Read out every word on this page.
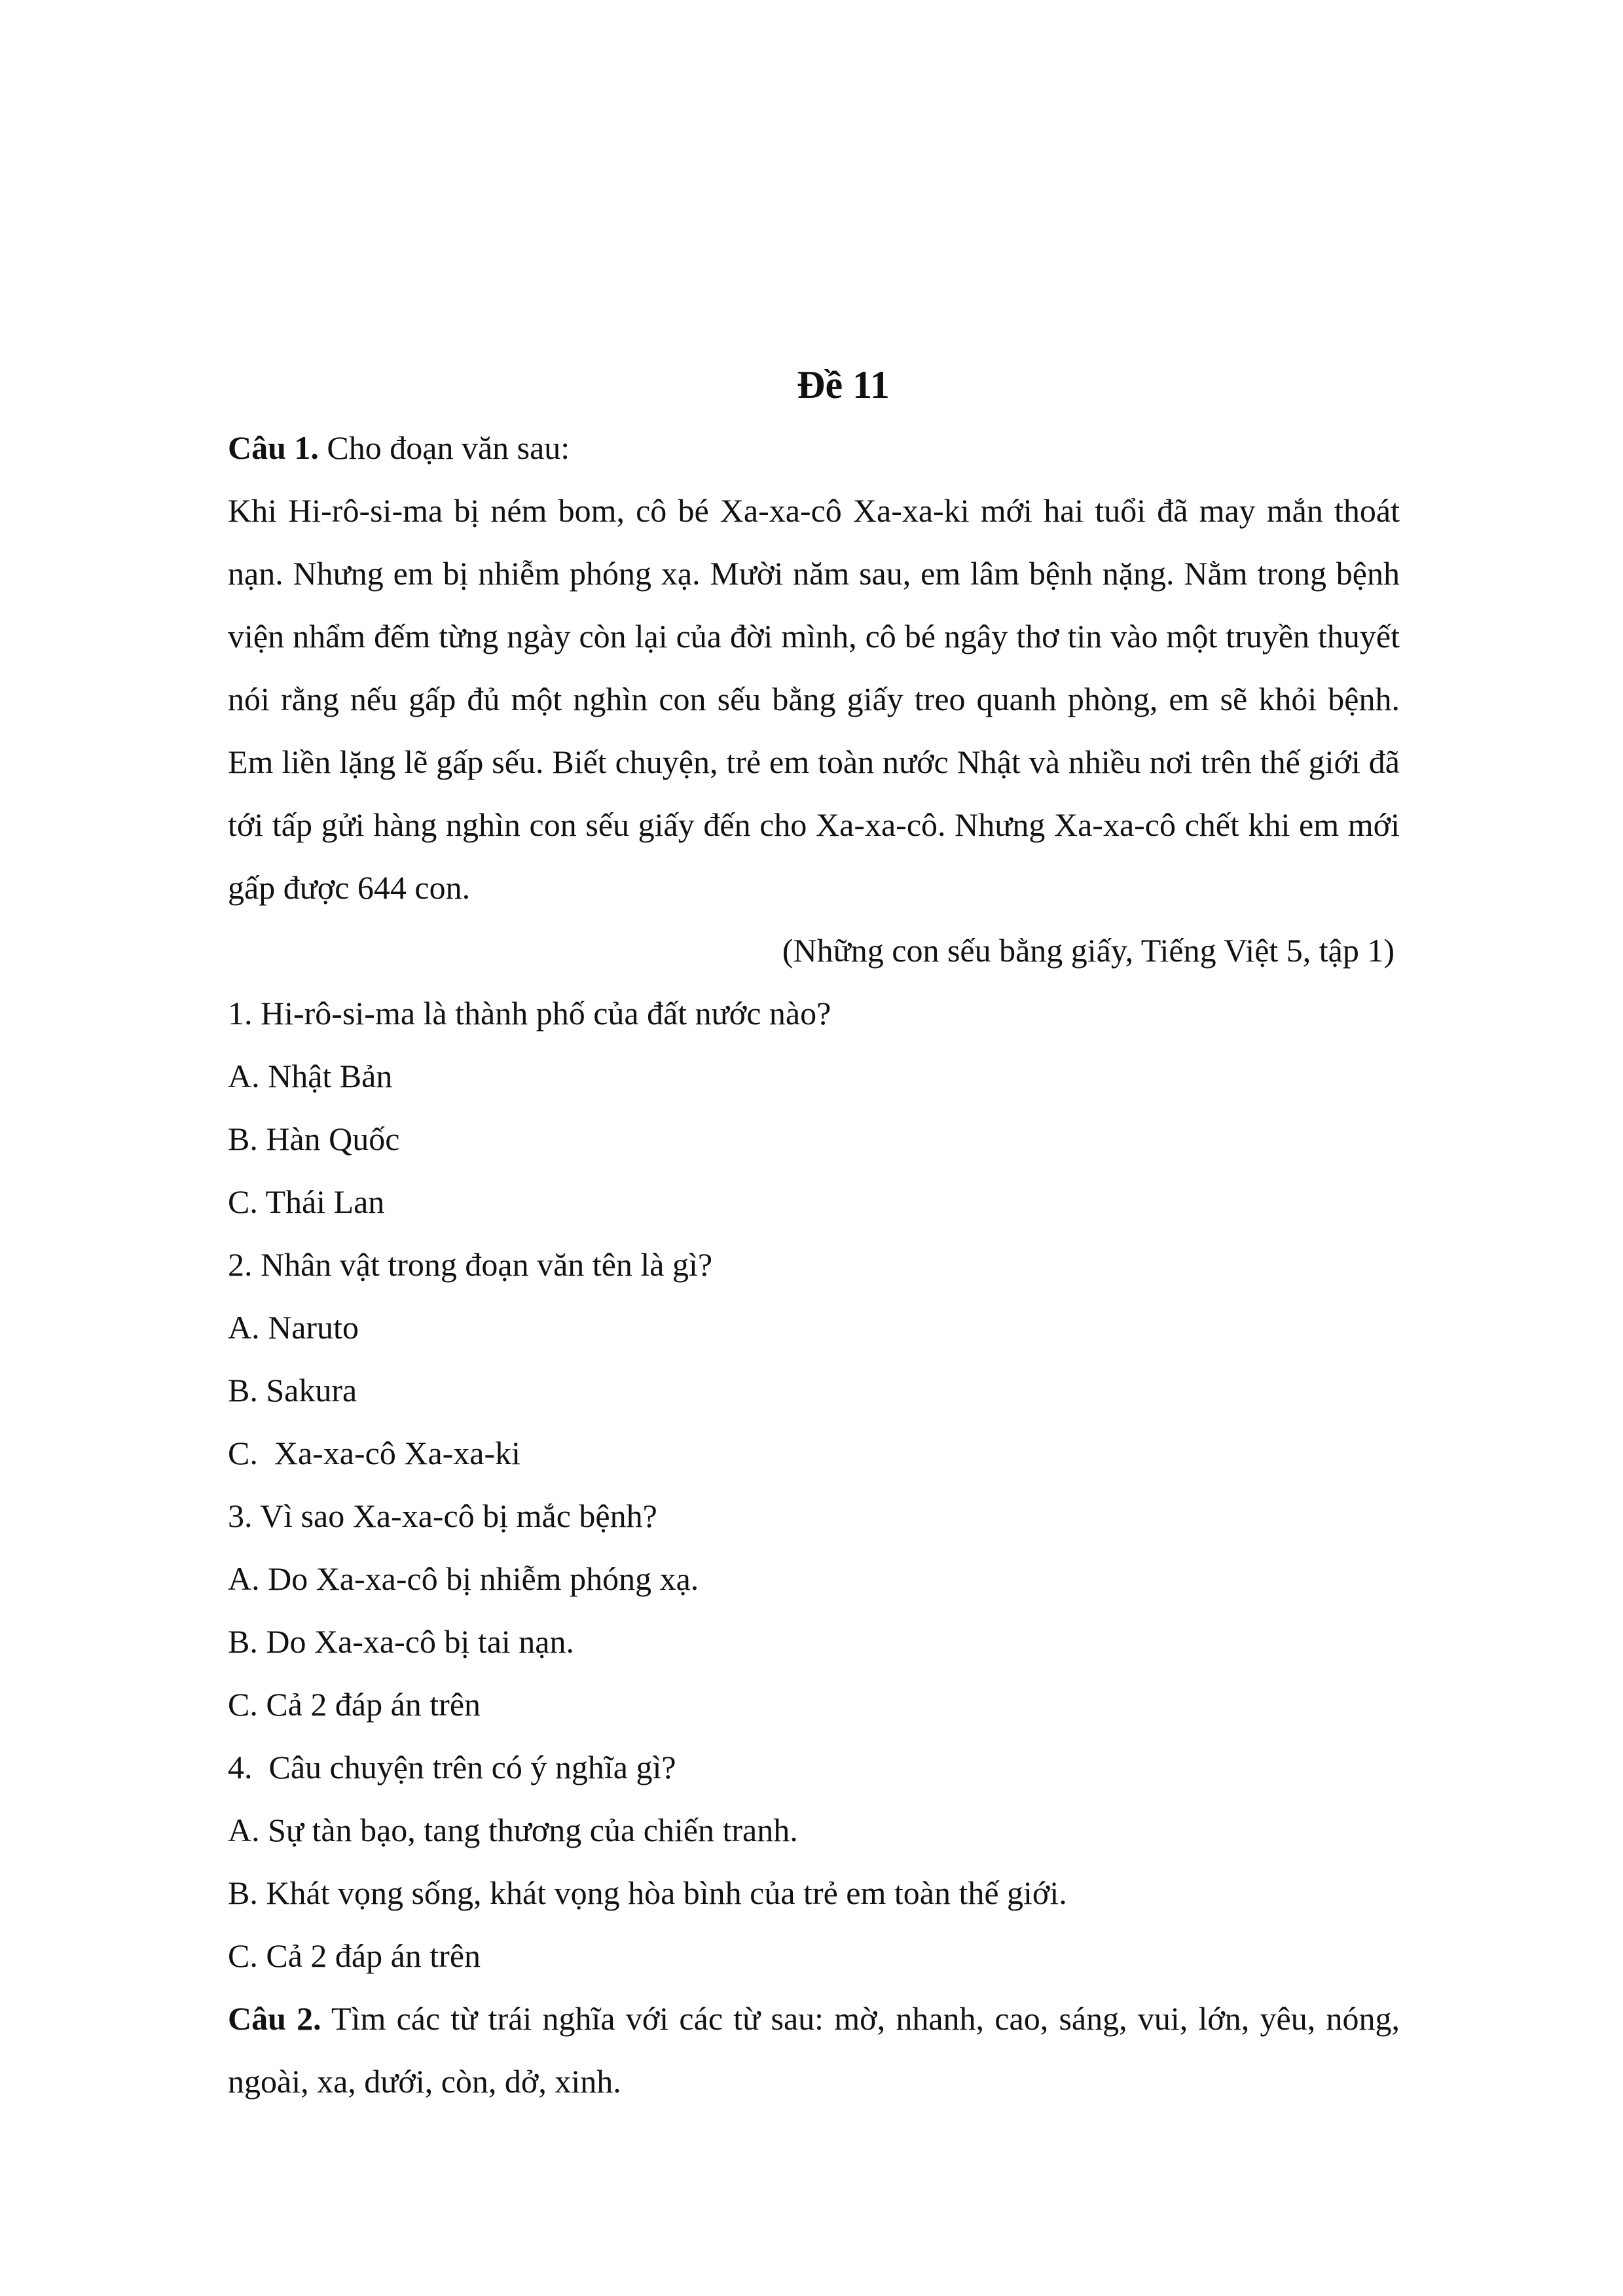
Đề 11

Câu 1. Cho đoạn văn sau:

Khi Hi-rô-si-ma bị ném bom, cô bé Xa-xa-cô Xa-xa-ki mới hai tuổi đã may mắn thoát nạn. Nhưng em bị nhiễm phóng xạ. Mười năm sau, em lâm bệnh nặng. Nằm trong bệnh viện nhẩm đếm từng ngày còn lại của đời mình, cô bé ngây thơ tin vào một truyền thuyết nói rằng nếu gấp đủ một nghìn con sếu bằng giấy treo quanh phòng, em sẽ khỏi bệnh. Em liền lặng lẽ gấp sếu. Biết chuyện, trẻ em toàn nước Nhật và nhiều nơi trên thế giới đã tới tấp gửi hàng nghìn con sếu giấy đến cho Xa-xa-cô. Nhưng Xa-xa-cô chết khi em mới gấp được 644 con.

(Những con sếu bằng giấy, Tiếng Việt 5, tập 1)

1. Hi-rô-si-ma là thành phố của đất nước nào?

A. Nhật Bản

B. Hàn Quốc

C. Thái Lan

2. Nhân vật trong đoạn văn tên là gì?

A. Naruto

B. Sakura

C.  Xa-xa-cô Xa-xa-ki

3. Vì sao Xa-xa-cô bị mắc bệnh?

A. Do Xa-xa-cô bị nhiễm phóng xạ.

B. Do Xa-xa-cô bị tai nạn.

C. Cả 2 đáp án trên

4.  Câu chuyện trên có ý nghĩa gì?

A. Sự tàn bạo, tang thương của chiến tranh.

B. Khát vọng sống, khát vọng hòa bình của trẻ em toàn thế giới.

C. Cả 2 đáp án trên

Câu 2. Tìm các từ trái nghĩa với các từ sau: mờ, nhanh, cao, sáng, vui, lớn, yêu, nóng, ngoài, xa, dưới, còn, dở, xinh.
